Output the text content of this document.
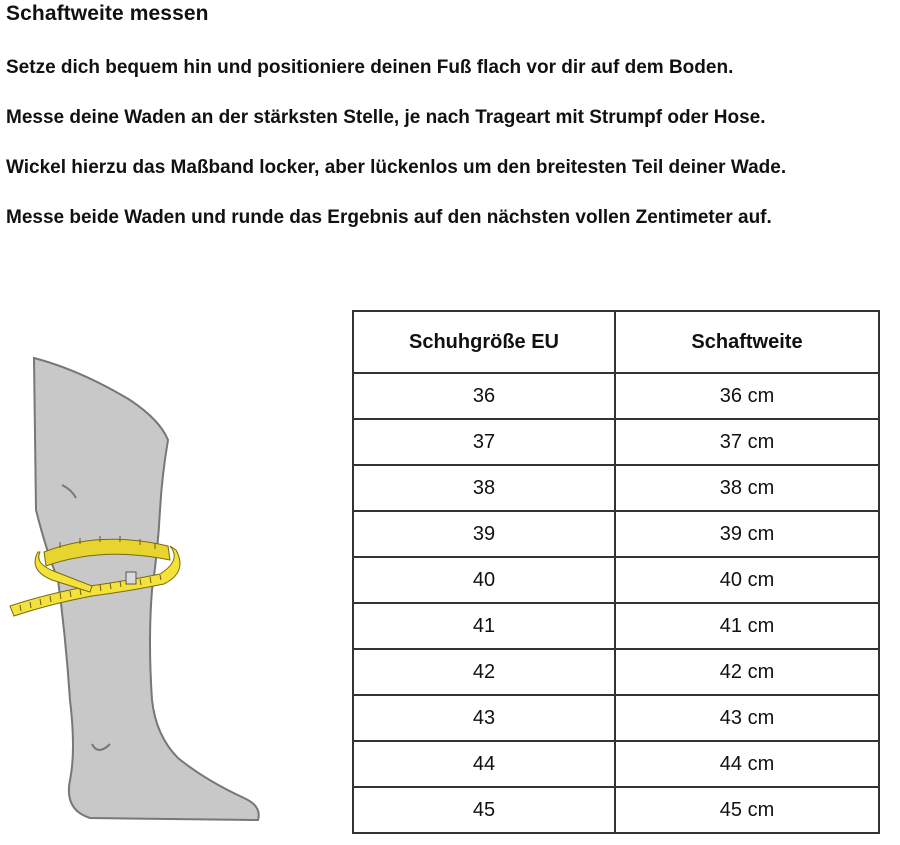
Schaftweite messen
Setze dich bequem hin und positioniere deinen Fuß flach vor dir auf dem Boden.
Messe deine Waden an der stärksten Stelle, je nach Trageart mit Strumpf oder Hose.
Wickel hierzu das Maßband locker, aber lückenlos um den breitesten Teil deiner Wade.
Messe beide Waden und runde das Ergebnis auf den nächsten vollen Zentimeter auf.
Schuhgröße EU	Schaftweite
36	36 cm
37	37 cm
38	38 cm
39	39 cm
40	40 cm
41	41 cm
42	42 cm
43	43 cm
44	44 cm
45	45 cm
